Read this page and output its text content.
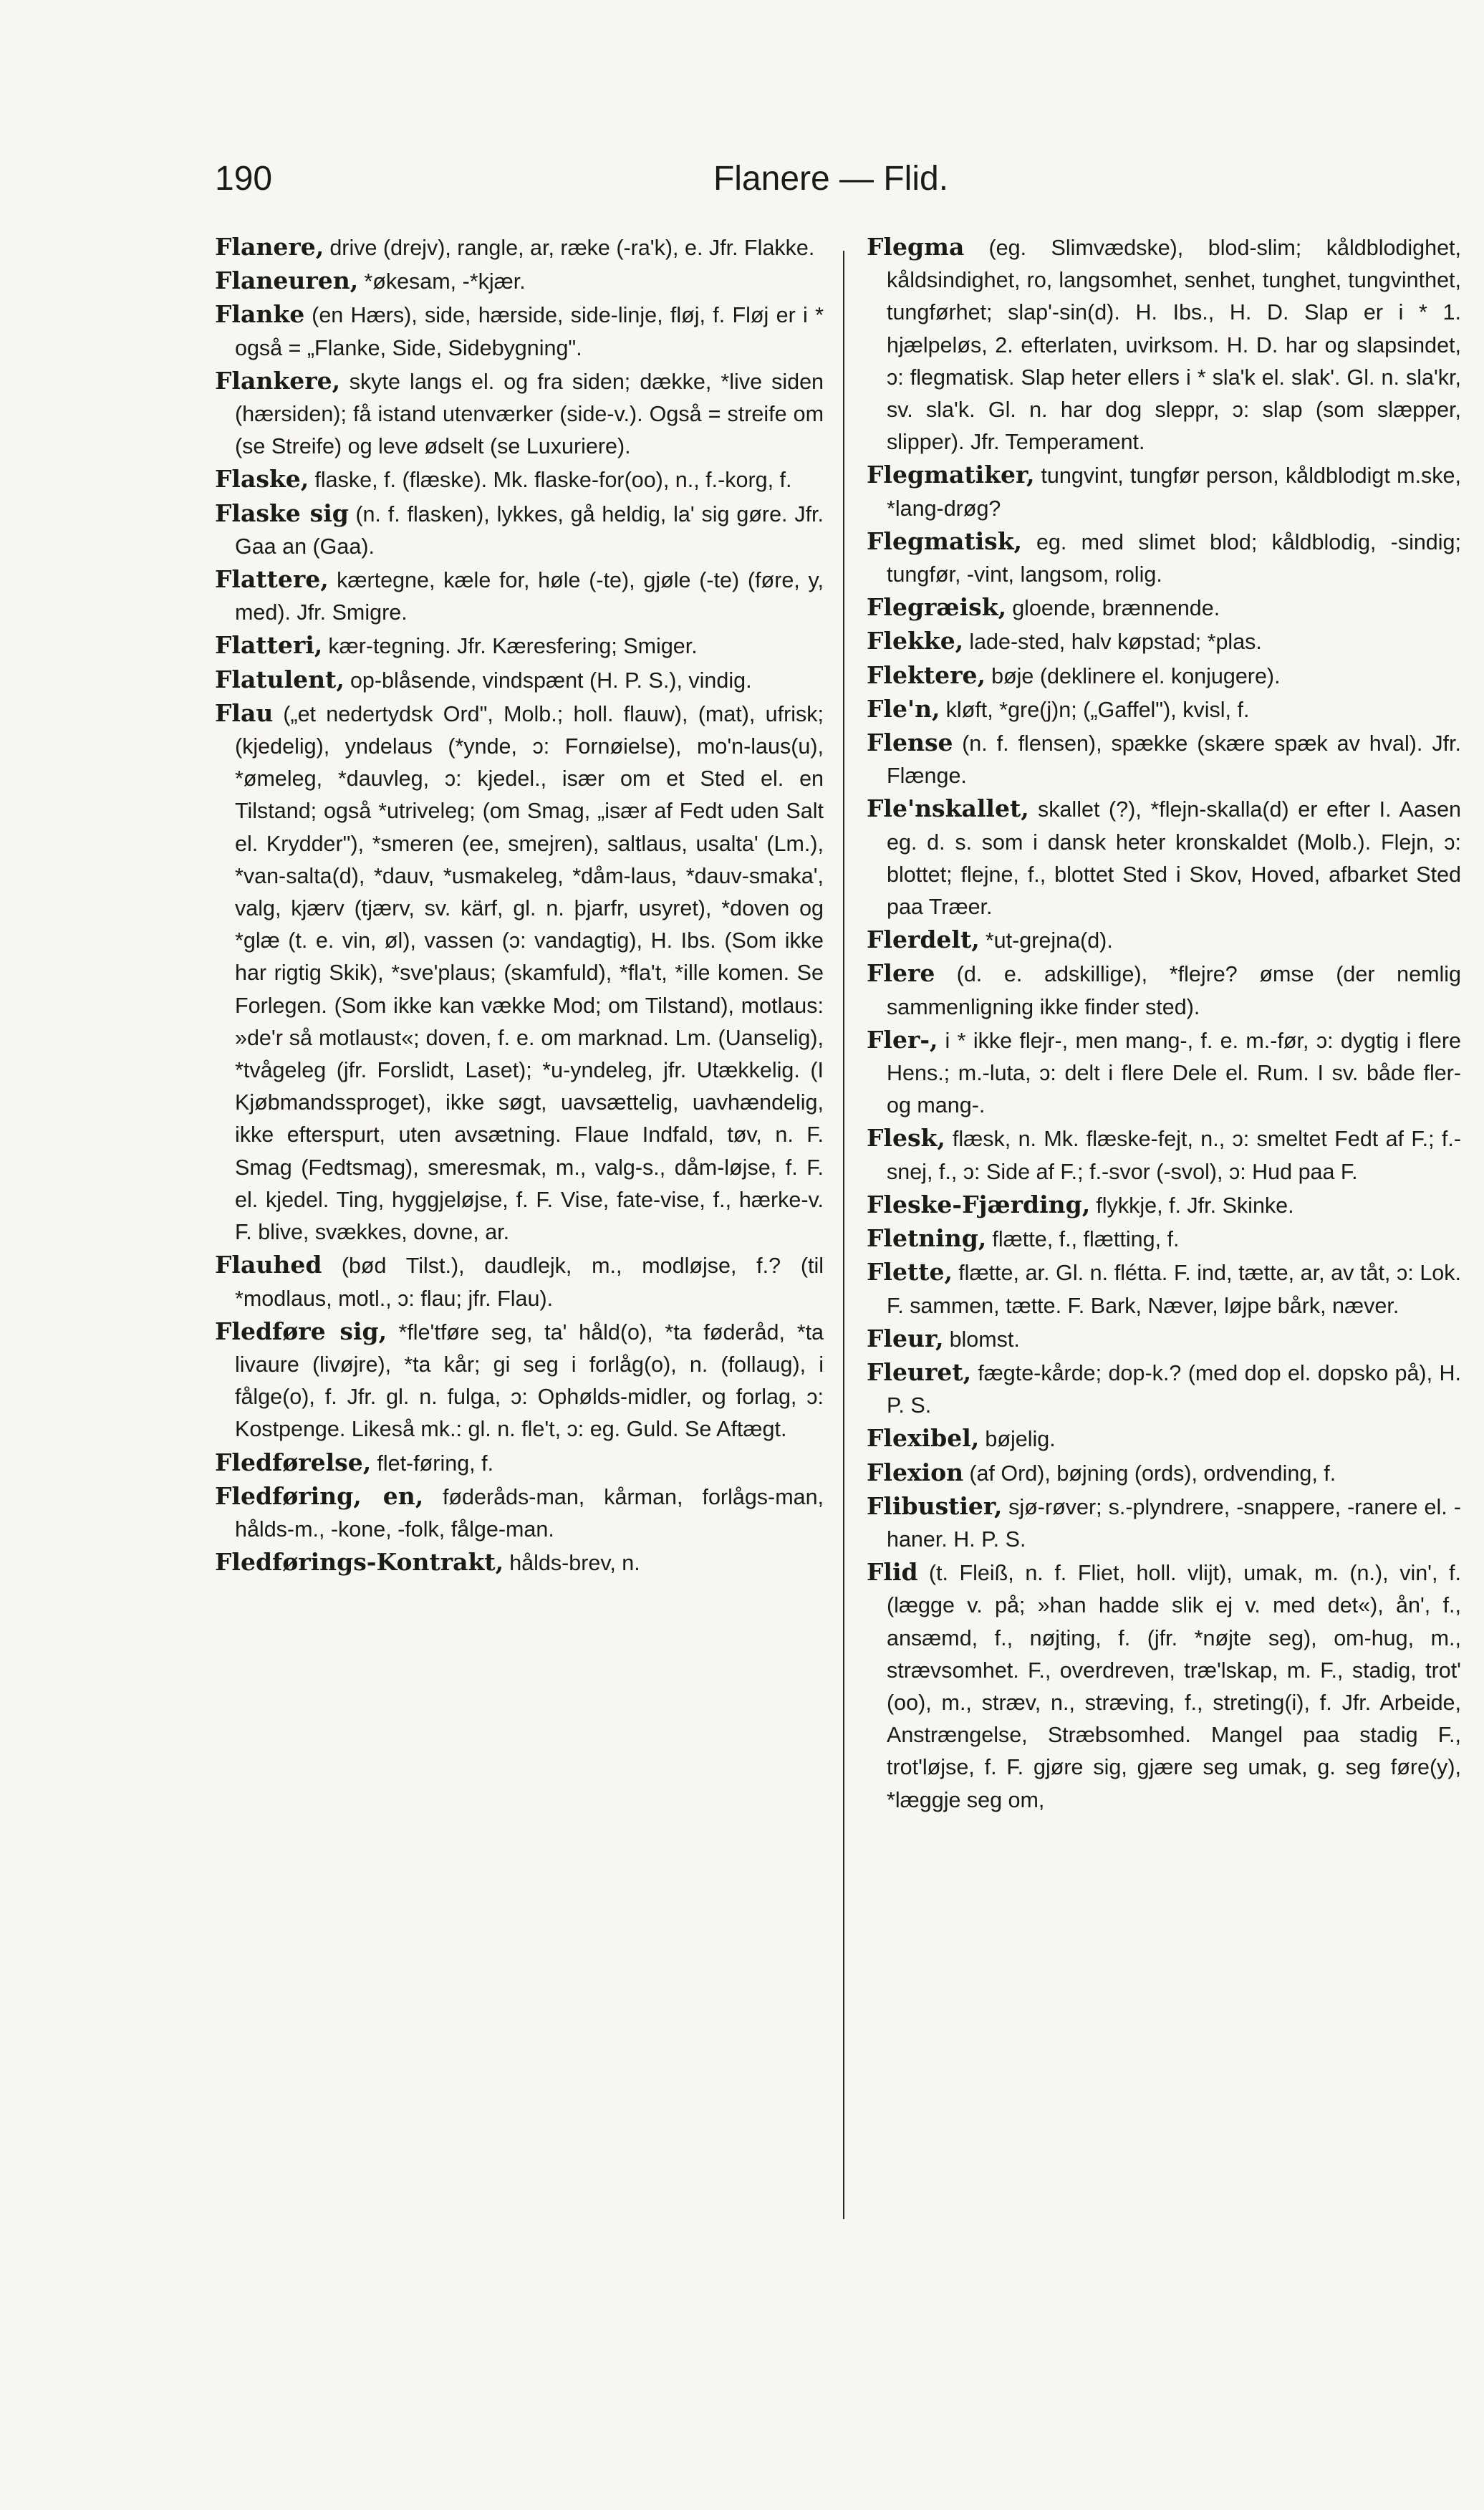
190	Flanere — Flid.

Flanere, drive (drejv), rangle, ar, ræke (-ra'k), e. Jfr. Flakke.

Flaneuren, *økesam, -*kjær.

Flanke (en Hærs), side, hærside, side-linje, fløj, f. Fløj er i * også = „Flanke, Side, Sidebygning".

Flankere, skyte langs el. og fra siden; dække, *live siden (hærsiden); få istand utenværker (side-v.). Også = streife om (se Streife) og leve ødselt (se Luxuriere).

Flaske, flaske, f. (flæske). Mk. flaske-for(oo), n., f.-korg, f.

Flaske sig (n. f. flasken), lykkes, gå heldig, la' sig gøre. Jfr. Gaa an (Gaa).

Flattere, kærtegne, kæle for, høle (-te), gjøle (-te) (føre, y, med). Jfr. Smigre.

Flatteri, kær-tegning. Jfr. Kæresfering; Smiger.

Flatulent, op-blåsende, vindspænt (H. P. S.), vindig.

Flau („et nedertydsk Ord", Molb.; holl. flauw), (mat), ufrisk; (kjedelig), yndelaus (*ynde, ɔ: Fornøielse), mo'n-laus(u), *ømeleg, *dauvleg, ɔ: kjedel., især om et Sted el. en Tilstand; også *utriveleg; (om Smag, „især af Fedt uden Salt el. Krydder"), *smeren (ee, smejren), saltlaus, usalta' (Lm.), *van-salta(d), *dauv, *usmakeleg, *dåm-laus, *dauv-smaka', valg, kjærv (tjærv, sv. kärf, gl. n. þjarfr, usyret), *doven og *glæ (t. e. vin, øl), vassen (ɔ: vandagtig), H. Ibs. (Som ikke har rigtig Skik), *sve'plaus; (skamfuld), *fla't, *ille komen. Se Forlegen. (Som ikke kan vække Mod; om Tilstand), motlaus: »de'r så motlaust«; doven, f. e. om marknad. Lm. (Uanselig), *tvågeleg (jfr. Forslidt, Laset); *u-yndeleg, jfr. Utækkelig. (I Kjøbmandssproget), ikke søgt, uavsættelig, uavhændelig, ikke efterspurt, uten avsætning. Flaue Indfald, tøv, n. F. Smag (Fedtsmag), smeresmak, m., valg-s., dåm-løjse, f. F. el. kjedel. Ting, hyggjeløjse, f. F. Vise, fate-vise, f., hærke-v. F. blive, svækkes, dovne, ar.

Flauhed (bød Tilst.), daudlejk, m., modløjse, f.? (til *modlaus, motl., ɔ: flau; jfr. Flau).

Fledføre sig, *fle'tføre seg, ta' håld(o), *ta føderåd, *ta livaure (livøjre), *ta kår; gi seg i forlåg(o), n. (follaug), i fålge(o), f. Jfr. gl. n. fulga, ɔ: Ophølds-midler, og forlag, ɔ: Kostpenge. Likeså mk.: gl. n. fle't, ɔ: eg. Guld. Se Aftægt.

Fledførelse, flet-føring, f.

Fledføring, en, føderåds-man, kårman, forlågs-man, hålds-m., -kone, -folk, fålge-man.

Fledførings-Kontrakt, hålds-brev, n.

Flegma (eg. Slimvædske), blod-slim; kåldblodighet, kåldsindighet, ro, langsomhet, senhet, tunghet, tungvinthet, tungførhet; slap'-sin(d). H. Ibs., H. D. Slap er i * 1. hjælpeløs, 2. efterlaten, uvirksom. H. D. har og slapsindet, ɔ: flegmatisk. Slap heter ellers i * sla'k el. slak'. Gl. n. sla'kr, sv. sla'k. Gl. n. har dog sleppr, ɔ: slap (som slæpper, slipper). Jfr. Temperament.

Flegmatiker, tungvint, tungfør person, kåldblodigt m.ske, *lang-drøg?

Flegmatisk, eg. med slimet blod; kåldblodig, -sindig; tungfør, -vint, langsom, rolig.

Flegræisk, gloende, brænnende.

Flekke, lade-sted, halv køpstad; *plas.

Flektere, bøje (deklinere el. konjugere).

Fle'n, kløft, *gre(j)n; („Gaffel"), kvisl, f.

Flense (n. f. flensen), spække (skære spæk av hval). Jfr. Flænge.

Fle'nskallet, skallet (?), *flejn-skalla(d) er efter I. Aasen eg. d. s. som i dansk heter kronskaldet (Molb.). Flejn, ɔ: blottet; flejne, f., blottet Sted i Skov, Hoved, afbarket Sted paa Træer.

Flerdelt, *ut-grejna(d).

Flere (d. e. adskillige), *flejre? ømse (der nemlig sammenligning ikke finder sted).

Fler-, i * ikke flejr-, men mang-, f. e. m.-før, ɔ: dygtig i flere Hens.; m.-luta, ɔ: delt i flere Dele el. Rum. I sv. både fler- og mang-.

Flesk, flæsk, n. Mk. flæske-fejt, n., ɔ: smeltet Fedt af F.; f.-snej, f., ɔ: Side af F.; f.-svor (-svol), ɔ: Hud paa F.

Fleske-Fjærding, flykkje, f. Jfr. Skinke.

Fletning, flætte, f., flætting, f.

Flette, flætte, ar. Gl. n. flétta. F. ind, tætte, ar, av tåt, ɔ: Lok. F. sammen, tætte. F. Bark, Næver, løjpe bårk, næver.

Fleur, blomst.

Fleuret, fægte-kårde; dop-k.? (med dop el. dopsko på), H. P. S.

Flexibel, bøjelig.

Flexion (af Ord), bøjning (ords), ordvending, f.

Flibustier, sjø-røver; s.-plyndrere, -snappere, -ranere el. -haner. H. P. S.

Flid (t. Fleiß, n. f. Fliet, holl. vlijt), umak, m. (n.), vin', f. (lægge v. på; »han hadde slik ej v. med det«), ån', f., ansæmd, f., nøjting, f. (jfr. *nøjte seg), om-hug, m., strævsomhet. F., overdreven, træ'lskap, m. F., stadig, trot' (oo), m., stræv, n., stræving, f., streting(i), f. Jfr. Arbeide, Anstrængelse, Stræbsomhed. Mangel paa stadig F., trot'løjse, f. F. gjøre sig, gjære seg umak, g. seg føre(y), *læggje seg om,
